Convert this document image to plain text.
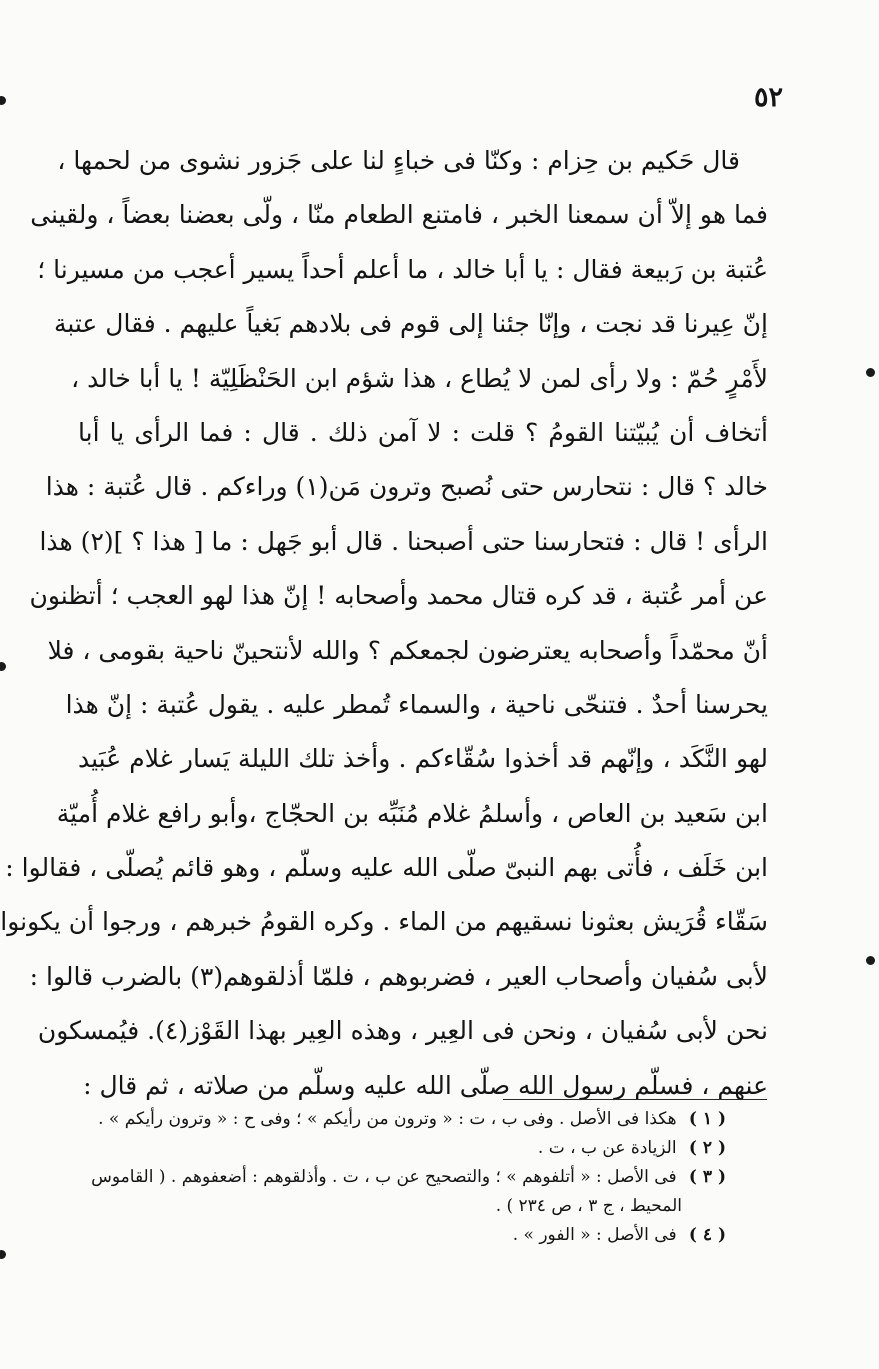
٥٢
قال حَكيم بن حِزام : وكنّا فى خباءٍ لنا على جَزور نشوى من لحمها ،
فما هو إلاّ أن سمعنا الخبر ، فامتنع الطعام منّا ، ولّى بعضنا بعضاً ، ولقينى
عُتبة بن رَبيعة فقال : يا أبا خالد ، ما أعلم أحداً يسير أعجب من مسيرنا ؛
إنّ عِيرنا قد نجت ، وإنّا جئنا إلى قوم فى بلادهم بَغياً عليهم . فقال عتبة
لأَمْرٍ حُمّ : ولا رأى لمن لا يُطاع ، هذا شؤم ابن الحَنْظَلِيّة ! يا أبا خالد ،
أتخاف أن يُبيّتنا القومُ ؟ قلت : لا آمن ذلك . قال : فما الرأى يا أبا
خالد ؟ قال : نتحارس حتى نُصبح وترون مَن(١) وراءكم . قال عُتبة : هذا
الرأى ! قال : فتحارسنا حتى أصبحنا . قال أبو جَهل : ما [ هذا ؟ ](٢) هذا
عن أمر عُتبة ، قد كره قتال محمد وأصحابه ! إنّ هذا لهو العجب ؛ أتظنون
أنّ محمّداً وأصحابه يعترضون لجمعكم ؟ والله لأنتحينّ ناحية بقومى ، فلا
يحرسنا أحدٌ . فتنحّى ناحية ، والسماء تُمطر عليه . يقول عُتبة : إنّ هذا
لهو النَّكَد ، وإنّهم قد أخذوا سُقّاءكم . وأخذ تلك الليلة يَسار غلام عُبَيد
ابن سَعيد بن العاص ، وأسلمُ غلام مُنَبِّه بن الحجّاج ،وأبو رافع غلام أُميّة
ابن خَلَف ، فأُتى بهم النبىّ صلّى الله عليه وسلّم ، وهو قائم يُصلّى ، فقالوا :
سَقّاء قُرَيش بعثونا نسقيهم من الماء . وكره القومُ خبرهم ، ورجوا أن يكونوا
لأبى سُفيان وأصحاب العير ، فضربوهم ، فلمّا أذلقوهم(٣) بالضرب قالوا :
نحن لأبى سُفيان ، ونحن فى العِير ، وهذه العِير بهذا القَوْز(٤). فيُمسكون
عنهم ، فسلّم رسول الله صلّى الله عليه وسلّم من صلاته ، ثم قال :
( ١ ) هكذا فى الأصل . وفى ب ، ت : « وترون من رأيكم » ؛ وفى ح : « وترون رأيكم » .
( ٢ ) الزيادة عن ب ، ت .
( ٣ ) فى الأصل : « أتلفوهم » ؛ والتصحيح عن ب ، ت . وأذلقوهم : أضعفوهم . ( القاموس
المحيط ، ج ٣ ، ص ٢٣٤ ) .
( ٤ ) فى الأصل : « الفور » .
